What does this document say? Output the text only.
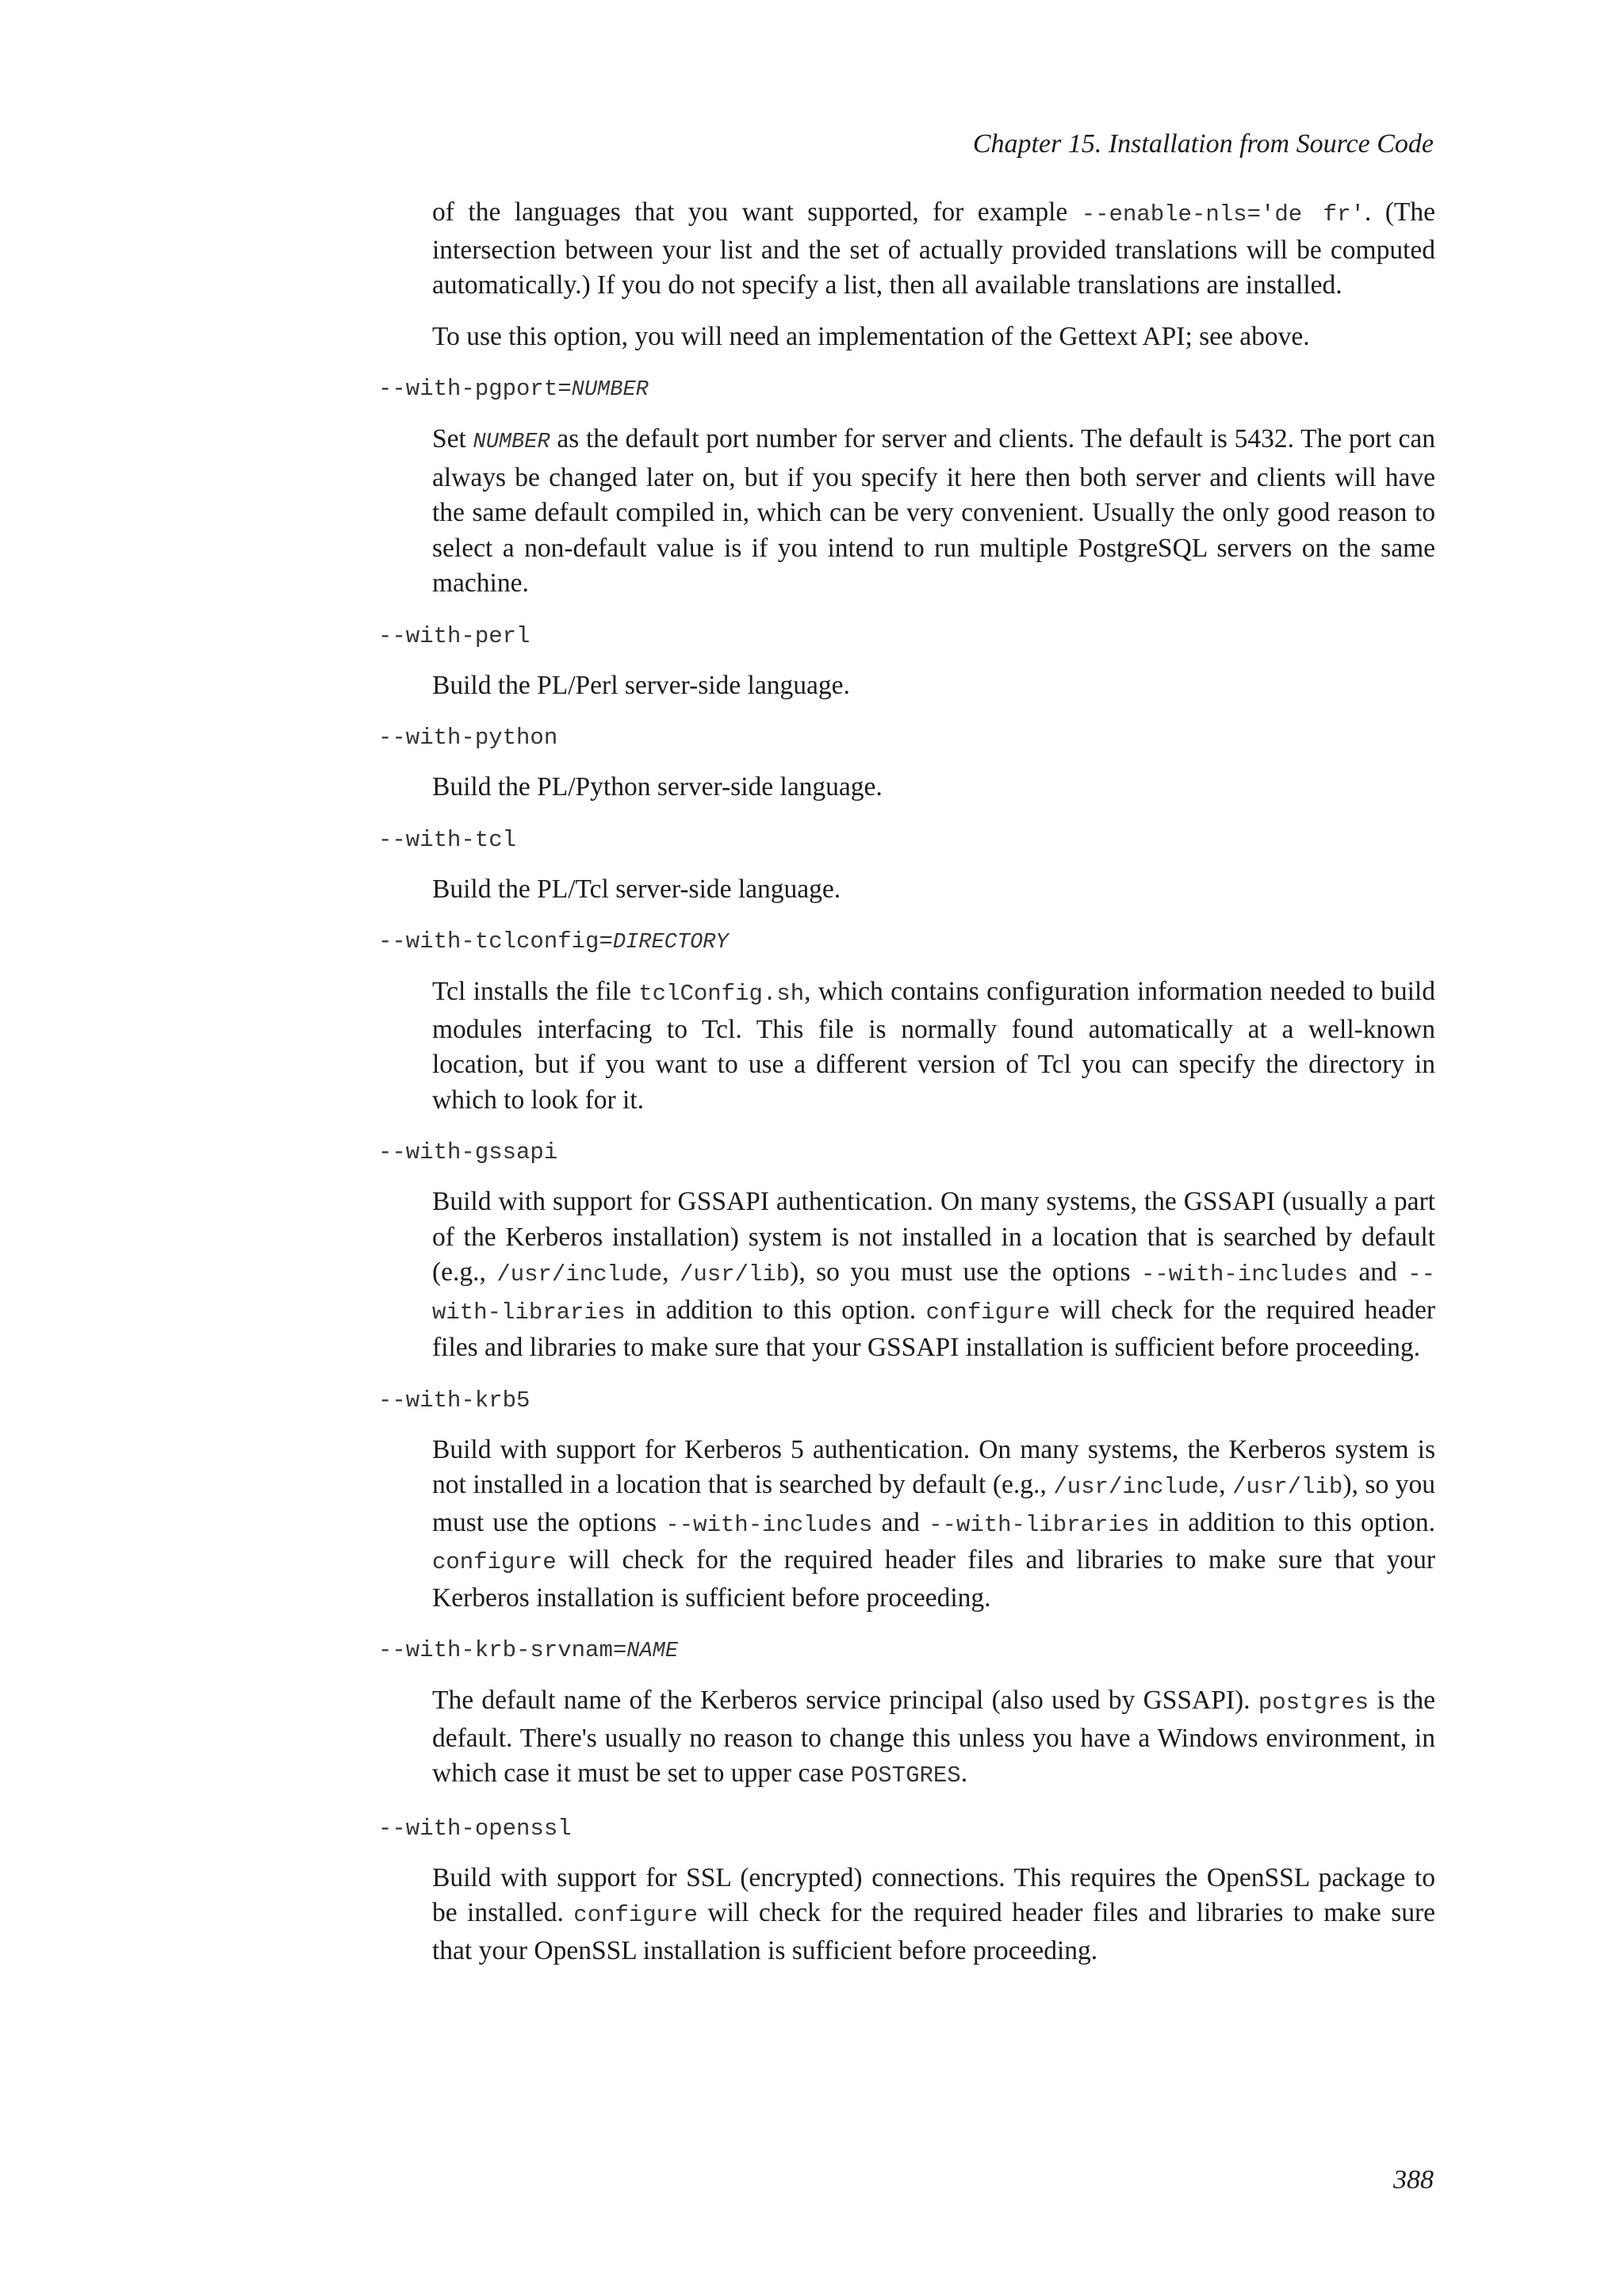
Chapter 15. Installation from Source Code

of the languages that you want supported, for example --enable-nls='de fr'. (The intersection between your list and the set of actually provided translations will be computed automatically.) If you do not specify a list, then all available translations are installed.

To use this option, you will need an implementation of the Gettext API; see above.

--with-pgport=NUMBER

Set NUMBER as the default port number for server and clients. The default is 5432. The port can always be changed later on, but if you specify it here then both server and clients will have the same default compiled in, which can be very convenient. Usually the only good reason to select a non-default value is if you intend to run multiple PostgreSQL servers on the same machine.

--with-perl

Build the PL/Perl server-side language.

--with-python

Build the PL/Python server-side language.

--with-tcl

Build the PL/Tcl server-side language.

--with-tclconfig=DIRECTORY

Tcl installs the file tclConfig.sh, which contains configuration information needed to build modules interfacing to Tcl. This file is normally found automatically at a well-known location, but if you want to use a different version of Tcl you can specify the directory in which to look for it.

--with-gssapi

Build with support for GSSAPI authentication. On many systems, the GSSAPI (usually a part of the Kerberos installation) system is not installed in a location that is searched by default (e.g., /usr/include, /usr/lib), so you must use the options --with-includes and --with-libraries in addition to this option. configure will check for the required header files and libraries to make sure that your GSSAPI installation is sufficient before proceeding.

--with-krb5

Build with support for Kerberos 5 authentication. On many systems, the Kerberos system is not installed in a location that is searched by default (e.g., /usr/include, /usr/lib), so you must use the options --with-includes and --with-libraries in addition to this option. configure will check for the required header files and libraries to make sure that your Kerberos installation is sufficient before proceeding.

--with-krb-srvnam=NAME

The default name of the Kerberos service principal (also used by GSSAPI). postgres is the default. There's usually no reason to change this unless you have a Windows environment, in which case it must be set to upper case POSTGRES.

--with-openssl

Build with support for SSL (encrypted) connections. This requires the OpenSSL package to be installed. configure will check for the required header files and libraries to make sure that your OpenSSL installation is sufficient before proceeding.

388
